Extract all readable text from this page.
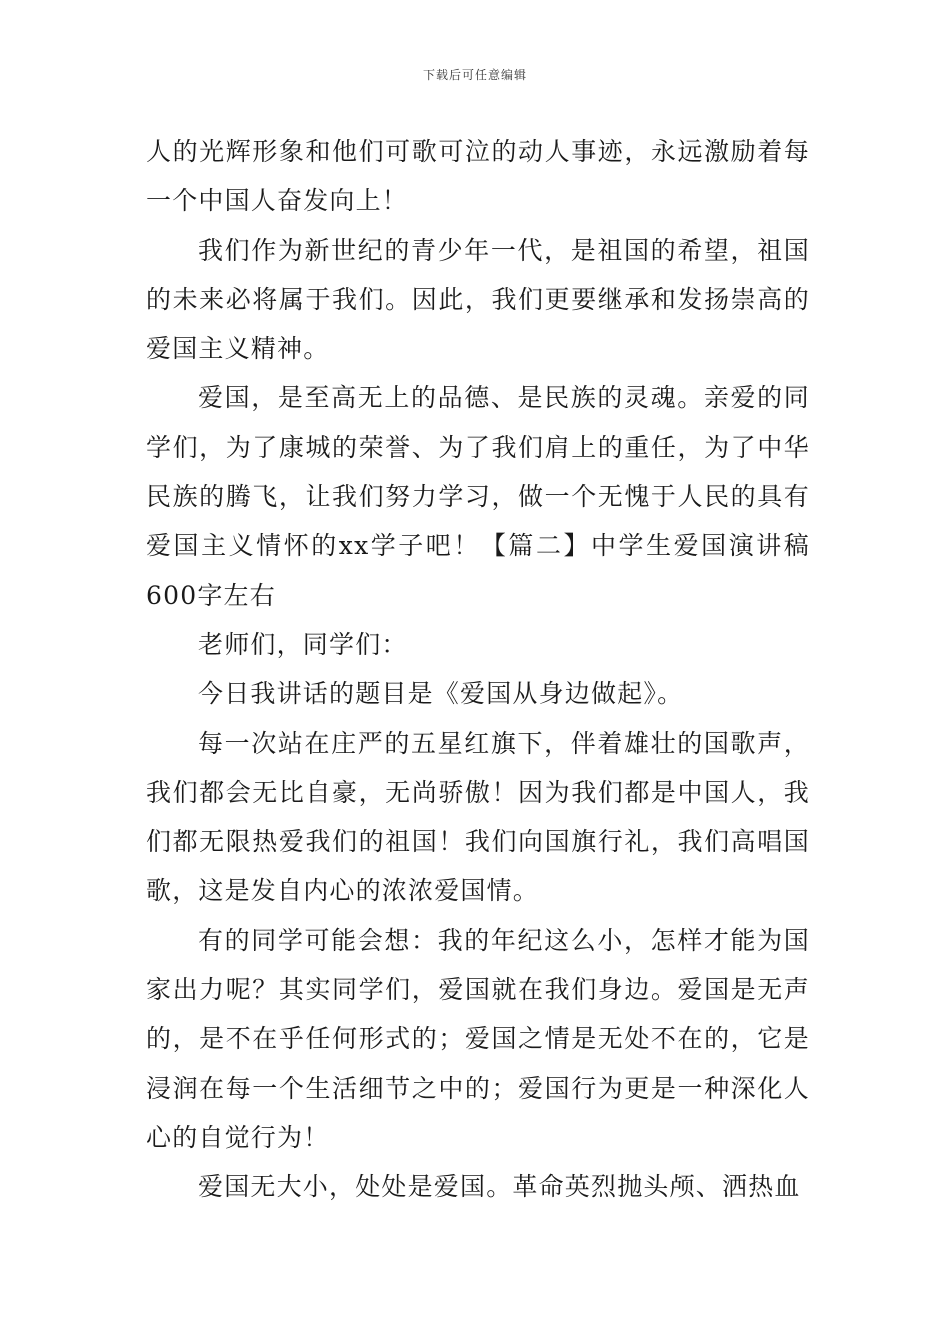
下载后可任意编辑

人的光辉形象和他们可歌可泣的动人事迹，永远激励着每一个中国人奋发向上！

我们作为新世纪的青少年一代，是祖国的希望，祖国的未来必将属于我们。因此，我们更要继承和发扬崇高的爱国主义精神。

爱国，是至高无上的品德、是民族的灵魂。亲爱的同学们，为了康城的荣誉、为了我们肩上的重任，为了中华民族的腾飞，让我们努力学习，做一个无愧于人民的具有爱国主义情怀的xx学子吧！【篇二】中学生爱国演讲稿600字左右

老师们，同学们：

今日我讲话的题目是《爱国从身边做起》。

每一次站在庄严的五星红旗下，伴着雄壮的国歌声，我们都会无比自豪，无尚骄傲！因为我们都是中国人，我们都无限热爱我们的祖国！我们向国旗行礼，我们高唱国歌，这是发自内心的浓浓爱国情。

有的同学可能会想：我的年纪这么小，怎样才能为国家出力呢？其实同学们，爱国就在我们身边。爱国是无声的，是不在乎任何形式的；爱国之情是无处不在的，它是浸润在每一个生活细节之中的；爱国行为更是一种深化人心的自觉行为！

爱国无大小，处处是爱国。革命英烈抛头颅、洒热血
